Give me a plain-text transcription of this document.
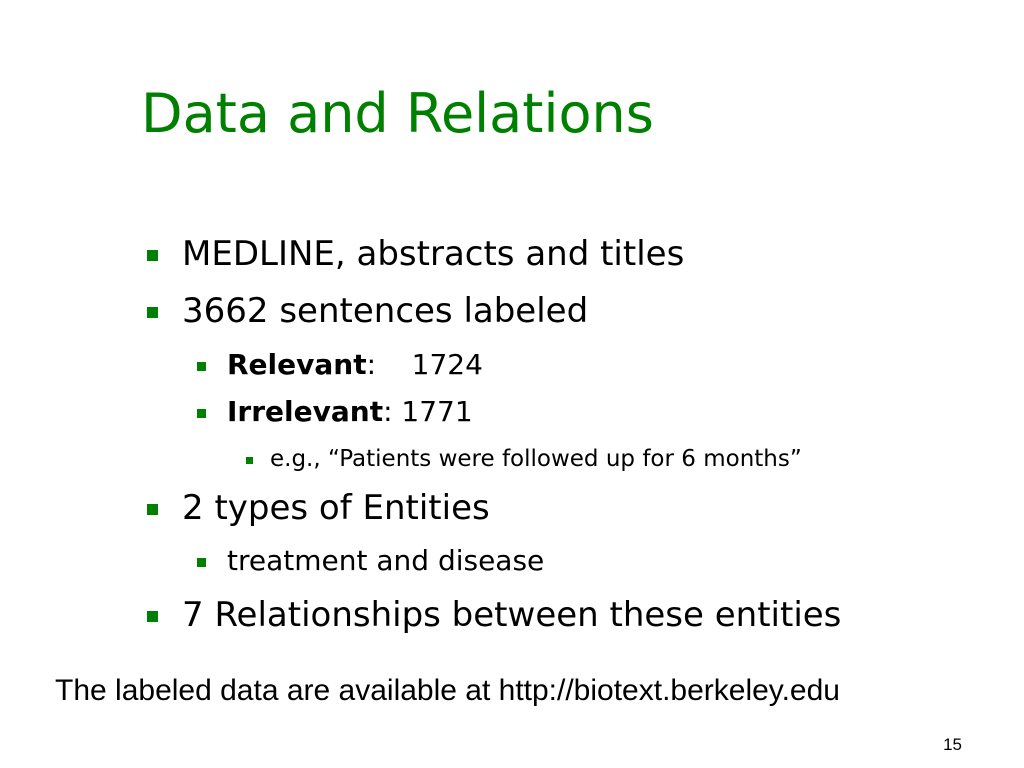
Data and Relations
MEDLINE, abstracts and titles
3662 sentences labeled
Relevant:    1724
Irrelevant: 1771
e.g., “Patients were followed up for 6 months”
2 types of Entities
treatment and disease
7 Relationships between these entities
The labeled data are available at http://biotext.berkeley.edu
15
